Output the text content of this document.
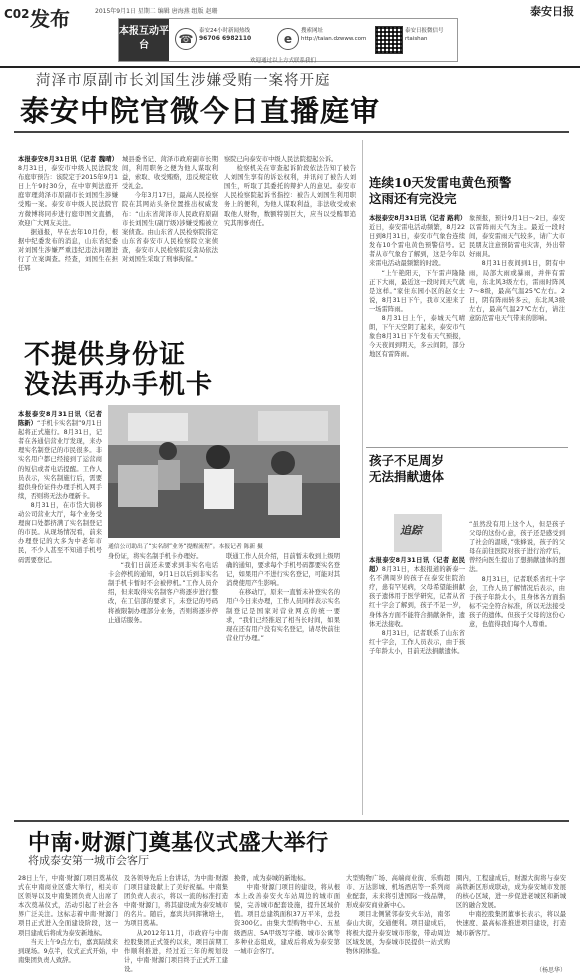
C02 发布	2015年9月1日 星期二 编辑 唐海燕 组版 赵珊	泰安日报
本报互动平台	☎
泰安24小时新闻热线
96706 6982110	e
搜索网址
http://taian.dzwww.com
泰安日报微信号
rtaishan
欢迎通过以上方式联系我们
菏泽市原副市长刘国生涉嫌受贿一案将开庭
泰安中院官微今日直播庭审

本报泰安8月31日讯（记者 魏晴） 8月31日，泰安市中级人民法院发布庭审预告：该院定于2015年9月1日上午9时30分，在中审判法庭开庭审理菏泽市原副市长刘国生涉嫌受贿一案。泰安市中级人民法院官方微博将同步进行庭审图文直播，欢迎广大网友关注。

据通报，早在去年10月份，根据中纪委发布的消息，山东省纪委对刘国生涉嫌严重违纪违法问题进行了立案调查。经查，刘国生在担任郓

城县委书记、菏泽市政府副市长期间，利用职务之便为他人谋取利益，索取、收受贿赂，违反规定收受礼金。

今年3月17日，最高人民检察院在其网站头条位置推出权威发布：“山东省菏泽市人民政府原副市长刘国生(副厅级)涉嫌受贿被立案侦查。由山东省人民检察院指定山东省泰安市人民检察院立案侦查，泰安市人民检察院反贪局依法对刘国生采取了刑事拘留。”

察院已向泰安市中级人民法院提起公诉。

检察机关在审查起诉阶段依法告知了被告人刘国生享有的诉讼权利，并讯问了被告人刘国生，听取了其委托的辩护人的意见。泰安市人民检察院起诉书指控：被告人刘国生利用职务上的便利，为他人谋取利益，非法收受或索取他人财物，数额特别巨大，应当以受贿罪追究其刑事责任。

不提供身份证
没法再办手机卡

本报泰安8月31日讯（记者 陈新）“手机卡实名制”9月1日起将正式施行。8月31日，记者在各通信营业厅发现，来办理实名制登记的市民很多。非实名用户都已经接到了运营商的短信或者电话提醒。工作人员表示，实名制施行后，需要提供身份证件办理手机入网手续，否则将无法办理新卡。

8月31日，在市岱大街移动公司营业大厅，每个业务受理窗口处都挤满了实名制登记的市民。从现场情况看，前来办理登记的大多为中老年市民，不少人甚至不知道手机号码需要登记。

通信公司助出了“实名制”业务“提醒流程”。本报记者 陈新 摄

身份证，将实名制手机卡办理好。

“我们日前还未要求到非实名电话卡会停机的通知，9月1日以后到非实名制手机卡暂时不会被停机。”工作人员介绍，但来取得实名制客户将逐步进行整改，在工信部的要求下，未登记的号码将被限制办理部分业务，否则将逐步停止通话服务。

联通工作人员介绍，目前暂未收到上级明确的通知，要求每个手机号码都要实名登记，如果用户不进行实名登记，可能对其消费使用产生影响。

在移动厅，原来一直暂未补登实名的用户今日来办理，工作人员同样表示实名制登记是国家对营业网点的统一要求，“我们已经推迟了相当长时间，如果现在还有用户没有实名登记，请尽快前往营业厅办理。”

连续10天发雷电黄色预警
这雨还有完没完

本报泰安8月31日讯（记者 路莉）近日，泰安雷电活动频繁，8月22日到8月31日，泰安市气象台连续发布10个雷电黄色预警信号。记者从市气象台了解到，这是今年以来雷电活动最频繁的时段。

“上午艳阳天，下午雷声隆隆正下大雨，最近这一段时间天气就是这样。”家住东园小区的赵女士说，8月31日下午，我市又迎来了一场雷阵雨。

8月31日上午，泰城天气晴朗，下午天空阴了起来，泰安市气象台8月31日下午发布天气预报，今天夜间到明天，多云间阴，部分地区有雷阵雨。

象预报，预计9月1日～2日，泰安以雷阵雨天气为主。最近一段时间，泰安雷雨天气较多，请广大市民朋友注意预防雷电灾害，外出带好雨具。

8月31日夜间到1日，阴有中雨，局部大雨或暴雨，并伴有雷电，东北风3级左右，雷雨时阵风7～8级，最高气温25℃左右。2日，阴有阵雨转多云，东北风3级左右，最高气温27℃左右，请注意防范雷电天气带来的影响。

孩子不足周岁
无法捐献遗体
追踪

本报泰安8月31日讯（记者 赵民超）8月31日，本报报道的新泰一名不满周岁的孩子在泰安住院治疗，患有罕见病，父母希望能捐献孩子遗体用于医学研究，记者从省红十字会了解到，孩子不足一岁，身体各方面不能符合捐献条件，遗体无法接收。

8月31日，记者联系了山东省红十字会，工作人员表示，由于孩子年龄太小，目前无法捐献遗体。

“虽然没有用上这个人，但是孩子父母的这份心意，孩子还是感受到了社会的温暖，”张蜂说，孩子的父母在前往医院对孩子进行治疗后，曾经向医生提出了想捐献遗体的想法。

8月31日，记者联系省红十字会，工作人员了解情况后表示，由于孩子年龄太小，且身体各方面指标不完全符合标准，所以无法接受孩子的遗体。但孩子父母的这份心意，也值得我们每个人尊重。

中南·财源门奠基仪式盛大举行
将成泰安第一城市会客厅

28日上午，中南·财源门项目奠基仪式在中南商业区盛大举行，相关市区领导以及中南集团负责人出席了本次奠基仪式，活动引起了社会各界广泛关注。这标志着中南·财源门项目正式进入全面建设阶段，这一项目建成后将成为泰安新地标。

当天上午9点左右，嘉宾陆续来到现场。9点半，仪式正式开始，中南集团负责人致辞。

及各领导先后上台讲话，为中南·财源门项目建设献上了美好祝福。中南集团负责人表示，将以一流的标准打造中南·财源门，将其建设成为泰安城市的名片。随后，嘉宾共同挥锹培土，为项目奠基。

从2012年11月，市政府与中南控股集团正式签约以来，项目前期工作顺利推进，经过近三年的规划设计，中南·财源门项目终于正式开工建设。

换骨，成为泰城的新地标。

中南·财源门项目的建设，将从根本上改善泰安火车站周边的城市面貌，完善城市配套设施，提升区域价值。项目总建筑面积37万平米，总投资300亿。由集大型购物中心、五星级酒店、5A甲级写字楼、城市公寓等多种业态组成，建成后将成为泰安第一城市会客厅。

大型购物广场、高端商业街、乐购超市、万达影城、机场酒店等一系列商业配套，未来将引进国际一线品牌，形成泰安商业新中心。

项目北侧紧邻泰安火车站，南邻泰山大街，交通便利。项目建成后，将极大提升泰安城市形象，带动周边区域发展，为泰城市民提供一站式购物休闲体验。

圈内，工程建成后，财源大街将与泰安高铁新区形成联动，成为泰安城市发展的核心区域，进一步促进老城区和新城区的融合发展。

中南控股集团董事长表示，将以最快速度、最高标准推进项目建设，打造城市新客厅。

（杨思华）
